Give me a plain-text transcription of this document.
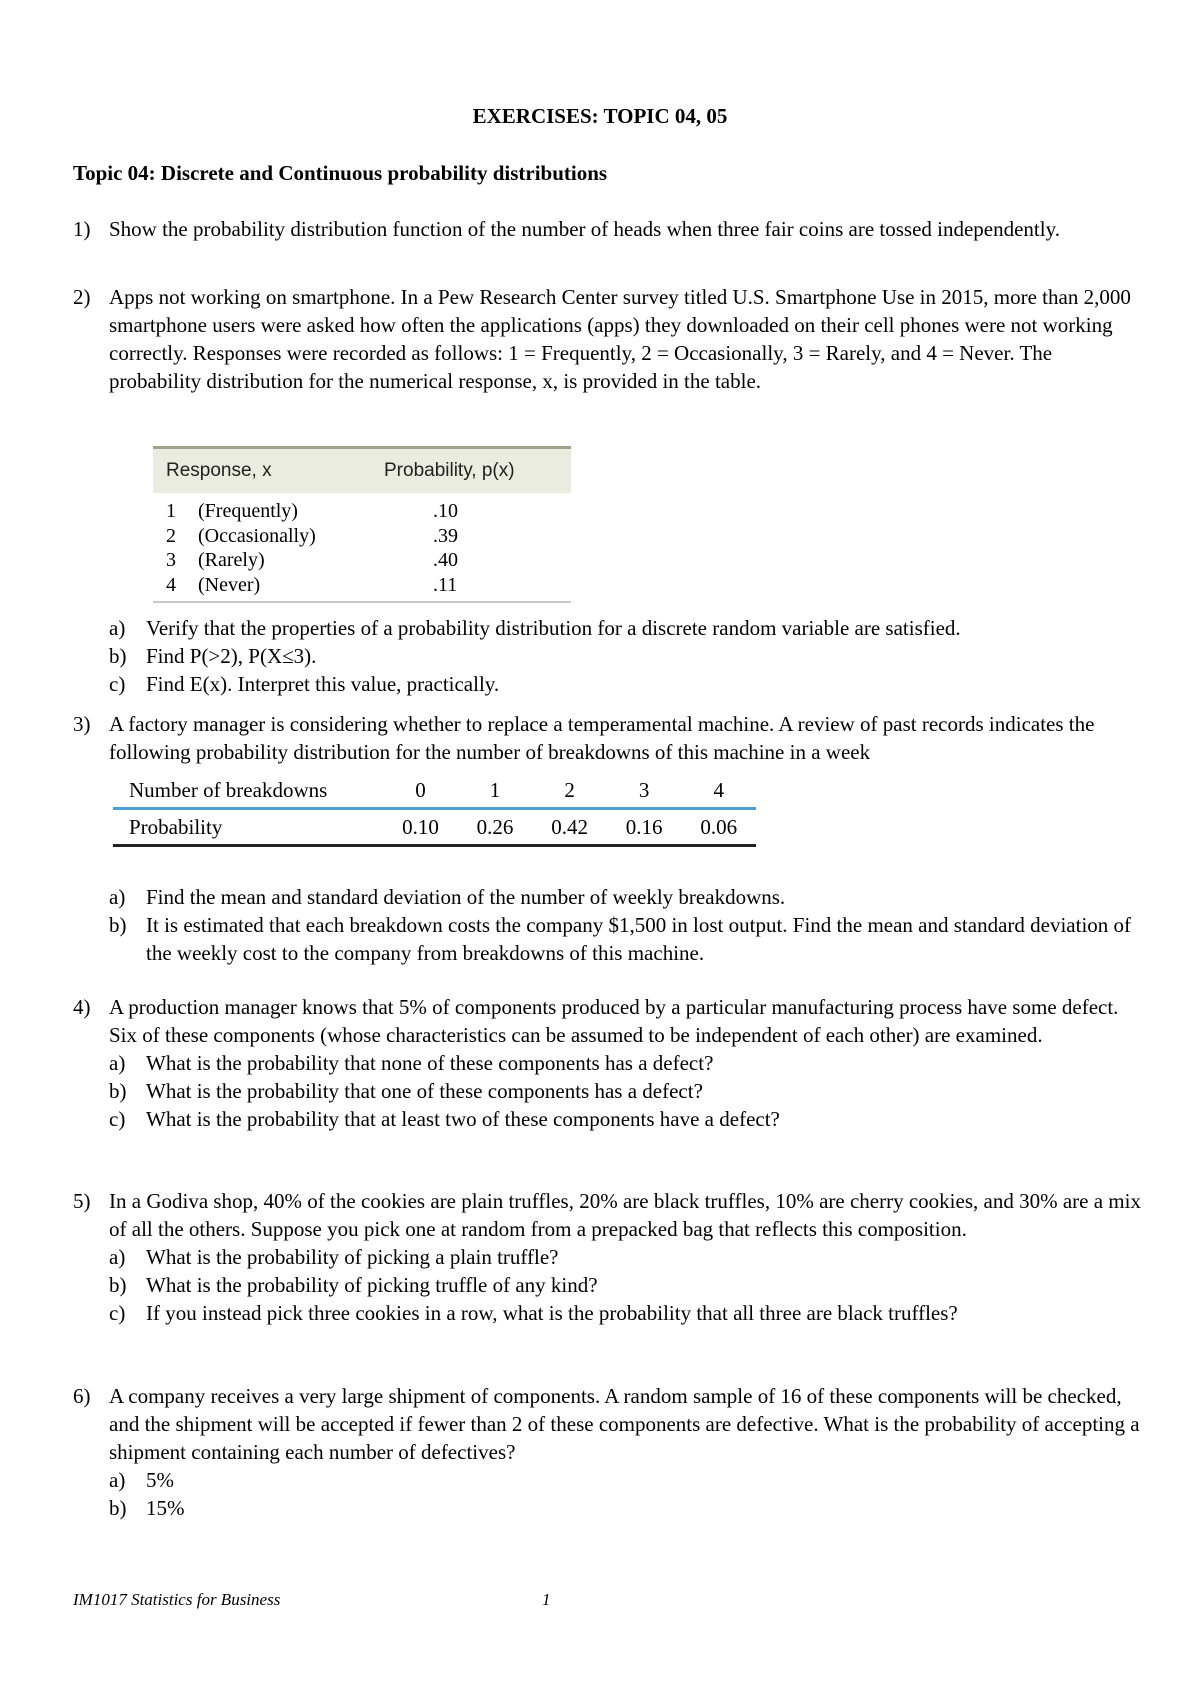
EXERCISES: TOPIC 04, 05
Topic 04: Discrete and Continuous probability distributions
1) Show the probability distribution function of the number of heads when three fair coins are tossed independently.
2) Apps not working on smartphone. In a Pew Research Center survey titled U.S. Smartphone Use in 2015, more than 2,000 smartphone users were asked how often the applications (apps) they downloaded on their cell phones were not working correctly. Responses were recorded as follows: 1 = Frequently, 2 = Occasionally, 3 = Rarely, and 4 = Never. The probability distribution for the numerical response, x, is provided in the table.
Response, x	Probability, p(x)
1	(Frequently)	.10
2	(Occasionally)	.39
3	(Rarely)	.40
4	(Never)	.11
a) Verify that the properties of a probability distribution for a discrete random variable are satisfied.
b) Find P(>2), P(X≤3).
c) Find E(x). Interpret this value, practically.
3) A factory manager is considering whether to replace a temperamental machine. A review of past records indicates the following probability distribution for the number of breakdowns of this machine in a week
Number of breakdowns	0	1	2	3	4
Probability	0.10	0.26	0.42	0.16	0.06
a) Find the mean and standard deviation of the number of weekly breakdowns.
b) It is estimated that each breakdown costs the company $1,500 in lost output. Find the mean and standard deviation of the weekly cost to the company from breakdowns of this machine.
4) A production manager knows that 5% of components produced by a particular manufacturing process have some defect. Six of these components (whose characteristics can be assumed to be independent of each other) are examined.
a) What is the probability that none of these components has a defect?
b) What is the probability that one of these components has a defect?
c) What is the probability that at least two of these components have a defect?
5) In a Godiva shop, 40% of the cookies are plain truffles, 20% are black truffles, 10% are cherry cookies, and 30% are a mix of all the others. Suppose you pick one at random from a prepacked bag that reflects this composition.
a) What is the probability of picking a plain truffle?
b) What is the probability of picking truffle of any kind?
c) If you instead pick three cookies in a row, what is the probability that all three are black truffles?
6) A company receives a very large shipment of components. A random sample of 16 of these components will be checked, and the shipment will be accepted if fewer than 2 of these components are defective. What is the probability of accepting a shipment containing each number of defectives?
a) 5%
b) 15%
IM1017 Statistics for Business	1
